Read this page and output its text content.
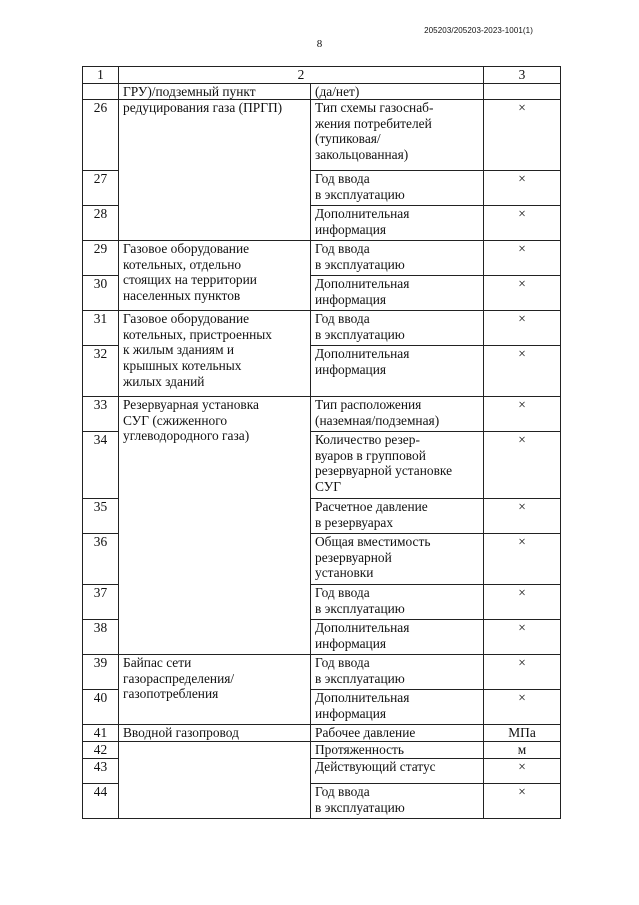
205203/205203-2023-1001(1)
8
1	2		3
	ГРУ)/подземный пункт	(да/нет)	
26	редуцирования газа (ПРГП)	Тип схемы газоснаб-
жения потребителей
(тупиковая/
закольцованная)	×
27		Год ввода
в эксплуатацию	×
28		Дополнительная
информация	×
29	Газовое оборудование
котельных, отдельно
стоящих на территории
населенных пунктов	Год ввода
в эксплуатацию	×
30		Дополнительная
информация	×
31	Газовое оборудование
котельных, пристроенных
к жилым зданиям и
крышных котельных
жилых зданий	Год ввода
в эксплуатацию	×
32		Дополнительная
информация	×
33	Резервуарная установка
СУГ (сжиженного
углеводородного газа)	Тип расположения
(наземная/подземная)	×
34		Количество резер-
вуаров в групповой
резервуарной установке
СУГ	×
35		Расчетное давление
в резервуарах	×
36		Общая вместимость
резервуарной
установки	×
37		Год ввода
в эксплуатацию	×
38		Дополнительная
информация	×
39	Байпас сети
газораспределения/
газопотребления	Год ввода
в эксплуатацию	×
40		Дополнительная
информация	×
41	Вводной газопровод	Рабочее давление	МПа
42		Протяженность	м
43		Действующий статус	×
44		Год ввода
в эксплуатацию	×
